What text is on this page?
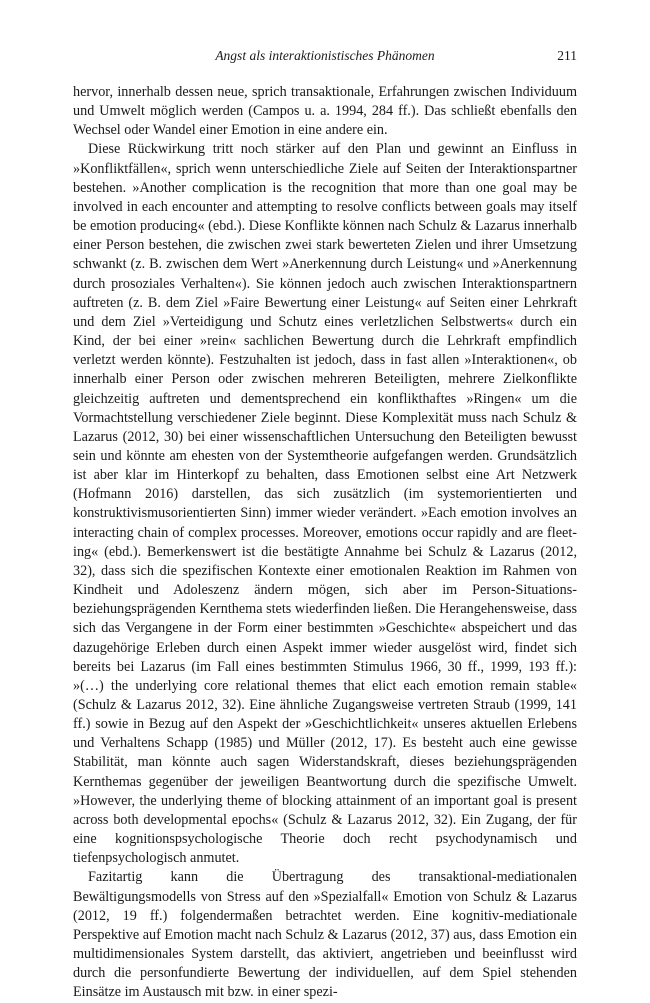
Angst als interaktionistisches Phänomen	211

hervor, innerhalb dessen neue, sprich transaktionale, Erfahrungen zwischen Individuum und Umwelt möglich werden (Campos u. a. 1994, 284 ff.). Das schließt ebenfalls den Wechsel oder Wandel einer Emotion in eine andere ein.

Diese Rückwirkung tritt noch stärker auf den Plan und gewinnt an Einfluss in »Konfliktfällen«, sprich wenn unterschiedliche Ziele auf Seiten der Interaktionspartner bestehen. »Another complication is the recognition that more than one goal may be involved in each encounter and attempting to resolve conflicts between goals may itself be emotion producing« (ebd.). Diese Konflikte können nach Schulz & Lazarus innerhalb einer Person bestehen, die zwischen zwei stark bewerteten Zielen und ihrer Umsetzung schwankt (z. B. zwischen dem Wert »Anerkennung durch Leistung« und »Anerkennung durch prosoziales Verhalten«). Sie können jedoch auch zwischen Interaktionspartnern auftreten (z. B. dem Ziel »Faire Bewertung einer Leistung« auf Seiten einer Lehrkraft und dem Ziel »Verteidigung und Schutz eines verletzlichen Selbstwerts« durch ein Kind, der bei einer »rein« sachlichen Bewertung durch die Lehrkraft empfindlich verletzt werden könnte). Festzuhalten ist jedoch, dass in fast allen »Interaktionen«, ob innerhalb einer Person oder zwischen mehreren Beteiligten, mehrere Zielkonflikte gleichzeitig auftreten und dementsprechend ein konflikthaftes »Ringen« um die Vormachtstellung verschiedener Ziele beginnt. Diese Komplexität muss nach Schulz & Lazarus (2012, 30) bei einer wissenschaftlichen Untersuchung den Beteiligten bewusst sein und könnte am ehesten von der Systemtheorie aufgefangen werden. Grundsätzlich ist aber klar im Hinterkopf zu behalten, dass Emotionen selbst eine Art Netzwerk (Hofmann 2016) darstellen, das sich zusätzlich (im systemorientierten und konstruktivismusorientierten Sinn) immer wieder verändert. »Each emotion involves an interacting chain of complex processes. Moreover, emotions occur rapidly and are fleeting« (ebd.). Bemerkenswert ist die bestätigte Annahme bei Schulz & Lazarus (2012, 32), dass sich die spezifischen Kontexte einer emotionalen Reaktion im Rahmen von Kindheit und Adoleszenz ändern mögen, sich aber im Person-Situations-beziehungsprägenden Kernthema stets wiederfinden ließen. Die Herangehensweise, dass sich das Vergangene in der Form einer bestimmten »Geschichte« abspeichert und das dazugehörige Erleben durch einen Aspekt immer wieder ausgelöst wird, findet sich bereits bei Lazarus (im Fall eines bestimmten Stimulus 1966, 30 ff., 1999, 193 ff.): »(…) the underlying core relational themes that elict each emotion remain stable« (Schulz & Lazarus 2012, 32). Eine ähnliche Zugangsweise vertreten Straub (1999, 141 ff.) sowie in Bezug auf den Aspekt der »Geschichtlichkeit« unseres aktuellen Erlebens und Verhaltens Schapp (1985) und Müller (2012, 17). Es besteht auch eine gewisse Stabilität, man könnte auch sagen Widerstandskraft, dieses beziehungsprägenden Kernthemas gegenüber der jeweiligen Beantwortung durch die spezifische Umwelt. »However, the underlying theme of blocking attainment of an important goal is present across both developmental epochs« (Schulz & Lazarus 2012, 32). Ein Zugang, der für eine kognitionspsychologische Theorie doch recht psychodynamisch und tiefenpsychologisch anmutet.

Fazitartig kann die Übertragung des transaktional-mediationalen Bewältigungsmodells von Stress auf den »Spezialfall« Emotion von Schulz & Lazarus (2012, 19 ff.) folgendermaßen betrachtet werden. Eine kognitiv-mediationale Perspektive auf Emotion macht nach Schulz & Lazarus (2012, 37) aus, dass Emotion ein multidimensionales System darstellt, das aktiviert, angetrieben und beeinflusst wird durch die personfundierte Bewertung der individuellen, auf dem Spiel stehenden Einsätze im Austausch mit bzw. in einer spezi-
